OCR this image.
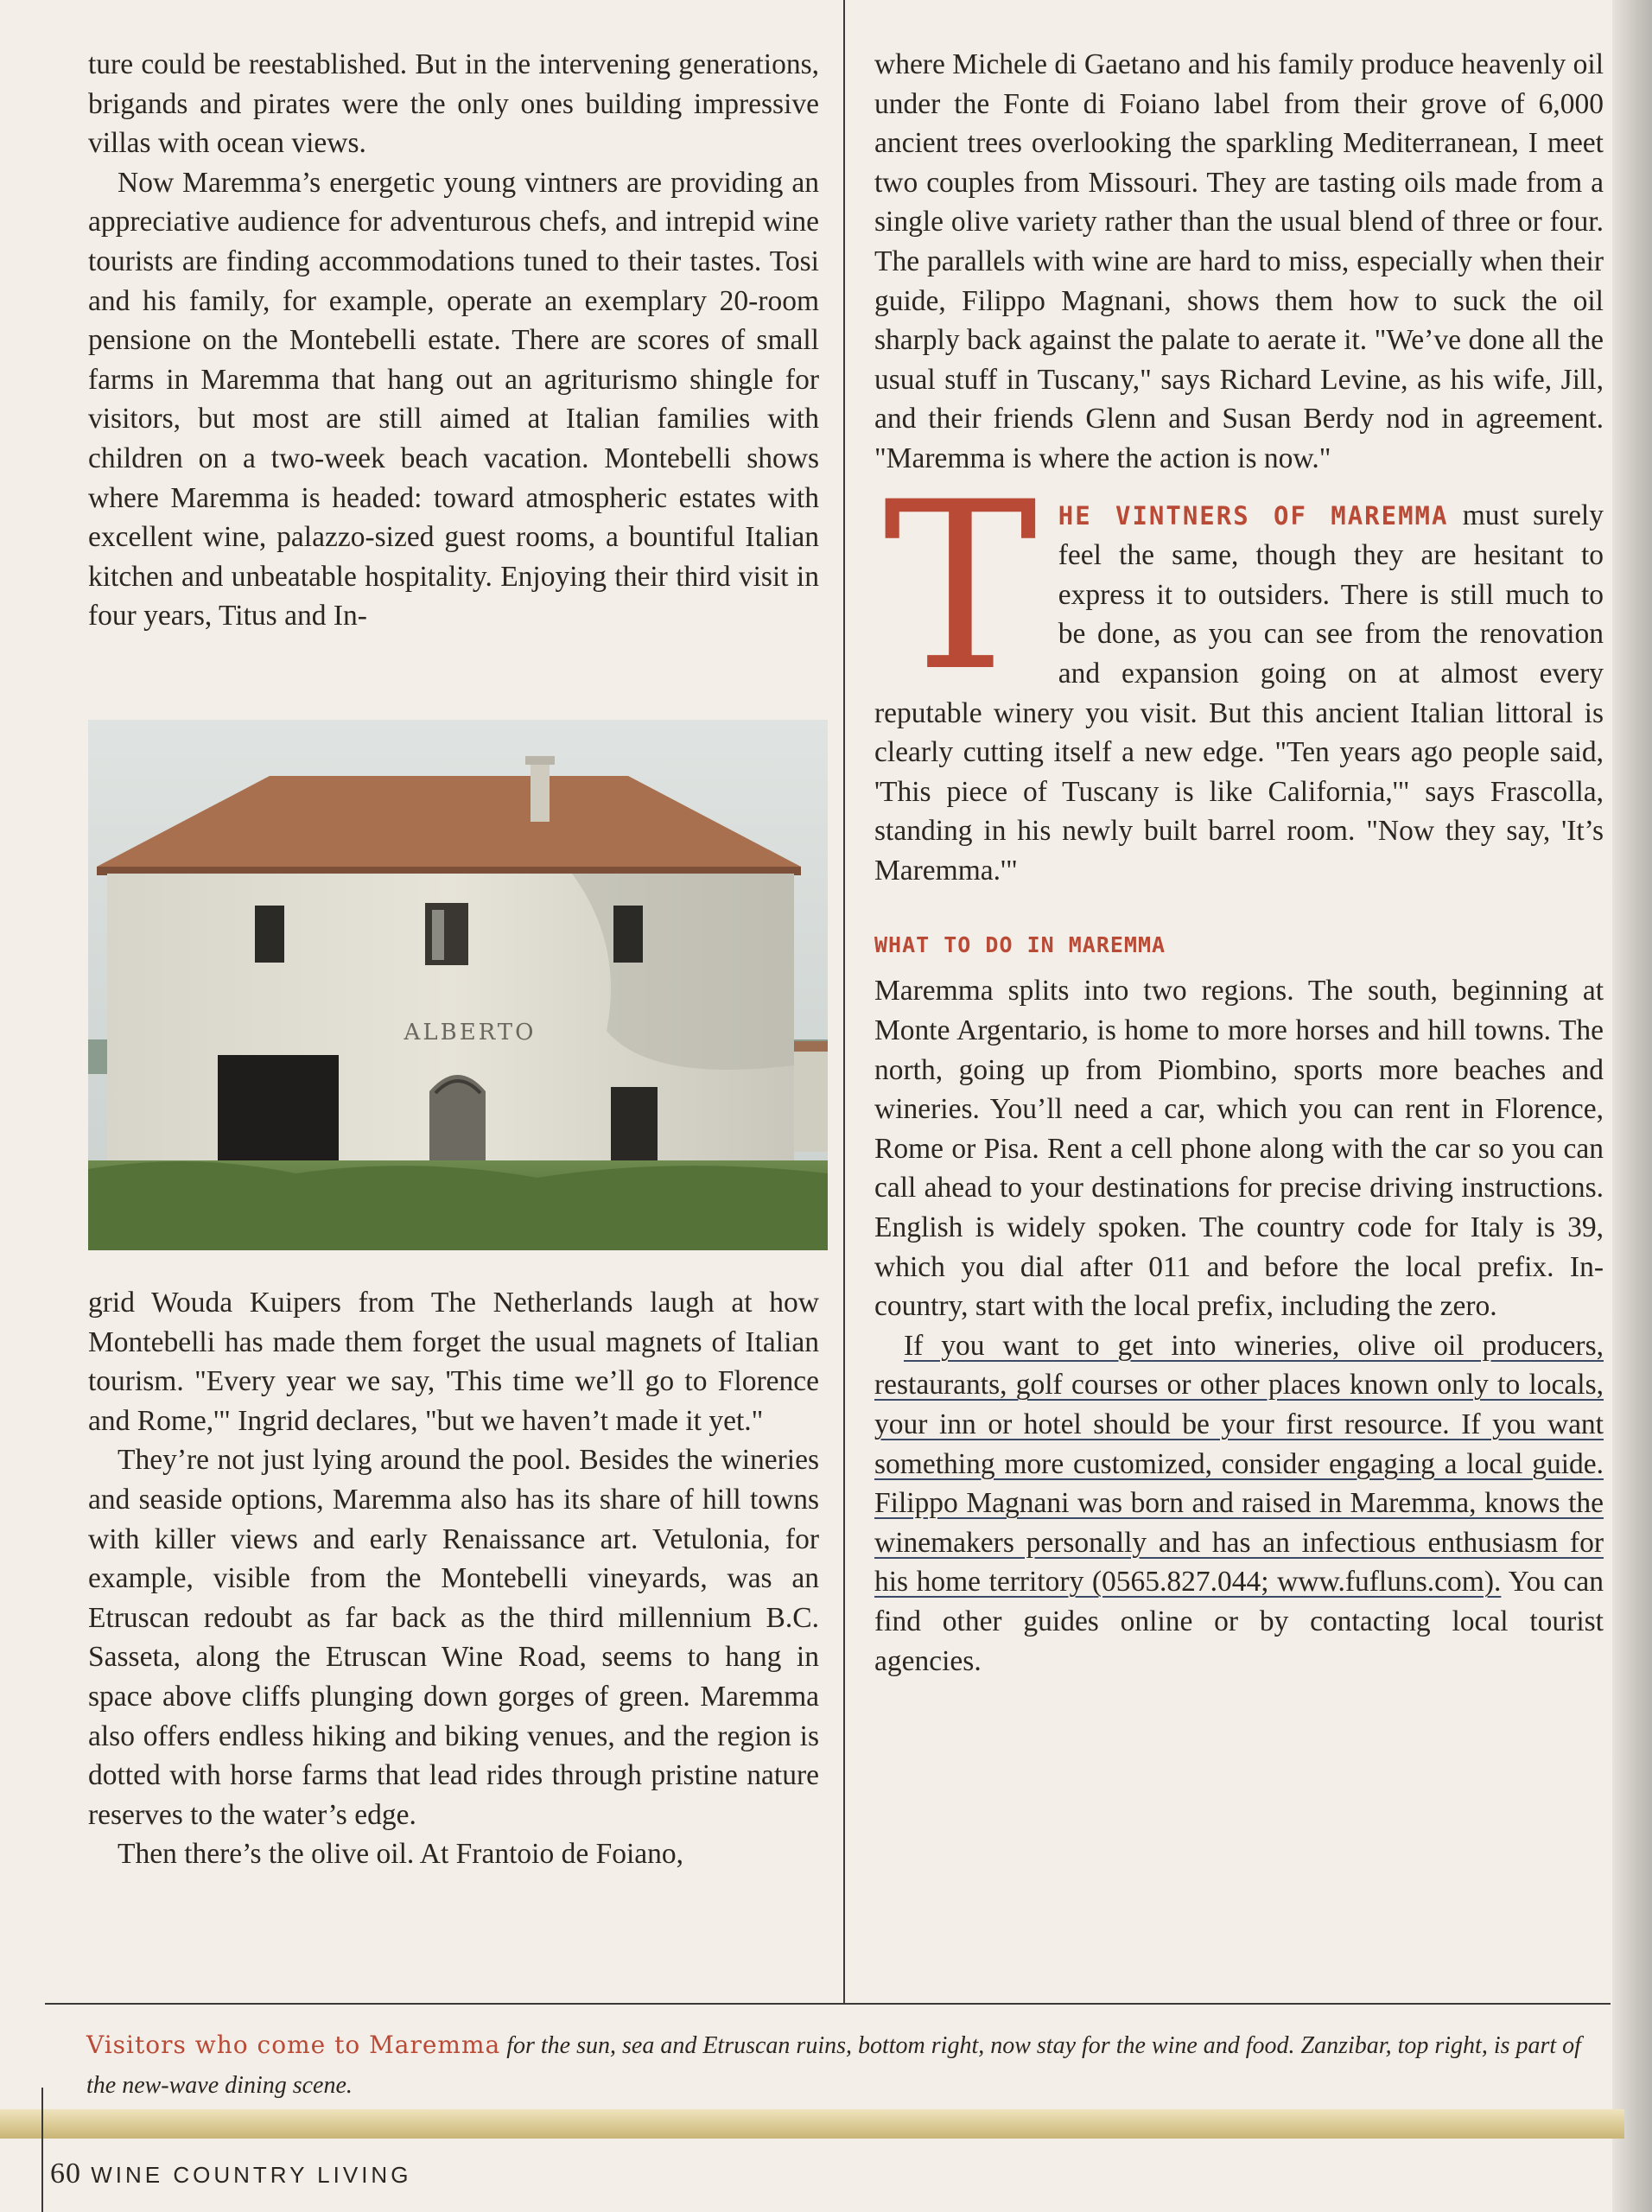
ture could be reestablished. But in the intervening generations, brigands and pirates were the only ones building impressive villas with ocean views.

Now Maremma’s energetic young vintners are providing an appreciative audience for adventurous chefs, and intrepid wine tourists are finding accommodations tuned to their tastes. Tosi and his family, for example, operate an exemplary 20-room pensione on the Montebelli estate. There are scores of small farms in Maremma that hang out an agriturismo shingle for visitors, but most are still aimed at Italian families with children on a two-week beach vacation. Montebelli shows where Maremma is headed: toward atmospheric estates with excellent wine, palazzo-sized guest rooms, a bountiful Italian kitchen and unbeatable hospitality. Enjoying their third visit in four years, Titus and In-

ALBERTO

grid Wouda Kuipers from The Netherlands laugh at how Montebelli has made them forget the usual magnets of Italian tourism. "Every year we say, 'This time we’ll go to Florence and Rome,'" Ingrid declares, "but we haven’t made it yet."

They’re not just lying around the pool. Besides the wineries and seaside options, Maremma also has its share of hill towns with killer views and early Renaissance art. Vetulonia, for example, visible from the Montebelli vineyards, was an Etruscan redoubt as far back as the third millennium B.C. Sasseta, along the Etruscan Wine Road, seems to hang in space above cliffs plunging down gorges of green. Maremma also offers endless hiking and biking venues, and the region is dotted with horse farms that lead rides through pristine nature reserves to the water’s edge.

Then there’s the olive oil. At Frantoio de Foiano,

where Michele di Gaetano and his family produce heavenly oil under the Fonte di Foiano label from their grove of 6,000 ancient trees overlooking the sparkling Mediterranean, I meet two couples from Missouri. They are tasting oils made from a single olive variety rather than the usual blend of three or four. The parallels with wine are hard to miss, especially when their guide, Filippo Magnani, shows them how to suck the oil sharply back against the palate to aerate it. "We’ve done all the usual stuff in Tuscany," says Richard Levine, as his wife, Jill, and their friends Glenn and Susan Berdy nod in agreement. "Maremma is where the action is now."

THE VINTNERS OF MAREMMA must surely feel the same, though they are hesitant to express it to outsiders. There is still much to be done, as you can see from the renovation and expansion going on at almost every reputable winery you visit. But this ancient Italian littoral is clearly cutting itself a new edge. "Ten years ago people said, 'This piece of Tuscany is like California,'" says Frascolla, standing in his newly built barrel room. "Now they say, 'It’s Maremma.'"

WHAT TO DO IN MAREMMA

Maremma splits into two regions. The south, beginning at Monte Argentario, is home to more horses and hill towns. The north, going up from Piombino, sports more beaches and wineries. You’ll need a car, which you can rent in Florence, Rome or Pisa. Rent a cell phone along with the car so you can call ahead to your destinations for precise driving instructions. English is widely spoken. The country code for Italy is 39, which you dial after 011 and before the local prefix. In-country, start with the local prefix, including the zero.

If you want to get into wineries, olive oil producers, restaurants, golf courses or other places known only to locals, your inn or hotel should be your first resource. If you want something more customized, consider engaging a local guide. Filippo Magnani was born and raised in Maremma, knows the winemakers personally and has an infectious enthusiasm for his home territory (0565.827.044; www.fufluns.com). You can find other guides online or by contacting local tourist agencies.

Visitors who come to Maremma for the sun, sea and Etruscan ruins, bottom right, now stay for the wine and food. Zanzibar, top right, is part of the new-wave dining scene.
60 WINE COUNTRY LIVING
